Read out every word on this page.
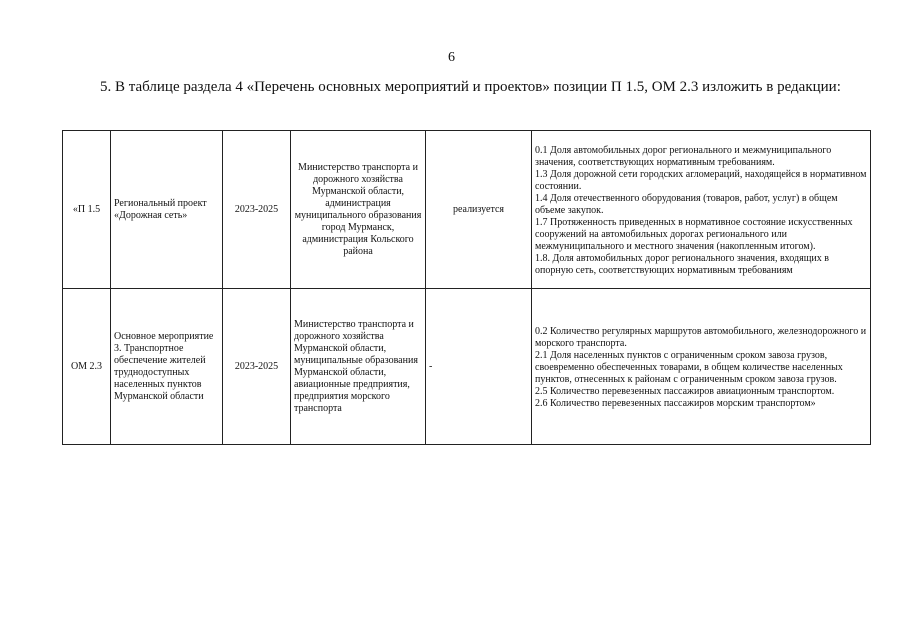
6
5. В таблице раздела 4 «Перечень основных мероприятий и проектов» позиции П 1.5, ОМ 2.3 изложить в редакции:
«П 1.5	Региональный проект «Дорожная сеть»	2023-2025	Министерство транспорта и дорожного хозяйства Мурманской области, администрация муниципального образования город Мурманск, администрация Кольского района	реализуется	0.1 Доля автомобильных дорог регионального и межмуниципального значения, соответствующих нормативным требованиям.
1.3 Доля дорожной сети городских агломераций, находящейся в нормативном состоянии.
1.4 Доля отечественного оборудования (товаров, работ, услуг) в общем объеме закупок.
1.7 Протяженность приведенных в нормативное состояние искусственных сооружений на автомобильных дорогах регионального или межмуниципального и местного значения (накопленным итогом).
1.8. Доля автомобильных дорог регионального значения, входящих в опорную сеть, соответствующих нормативным требованиям

ОМ 2.3	Основное мероприятие 3. Транспортное обеспечение жителей труднодоступных населенных пунктов Мурманской области	2023-2025	Министерство транспорта и дорожного хозяйства Мурманской области, муниципальные образования Мурманской области, авиационные предприятия, предприятия морского транспорта	-	0.2 Количество регулярных маршрутов автомобильного, железнодорожного и морского транспорта.
2.1 Доля населенных пунктов с ограниченным сроком завоза грузов, своевременно обеспеченных товарами, в общем количестве населенных пунктов, отнесенных к районам с ограниченным сроком завоза грузов.
2.5 Количество перевезенных пассажиров авиационным транспортом.
2.6 Количество перевезенных пассажиров морским транспортом»
